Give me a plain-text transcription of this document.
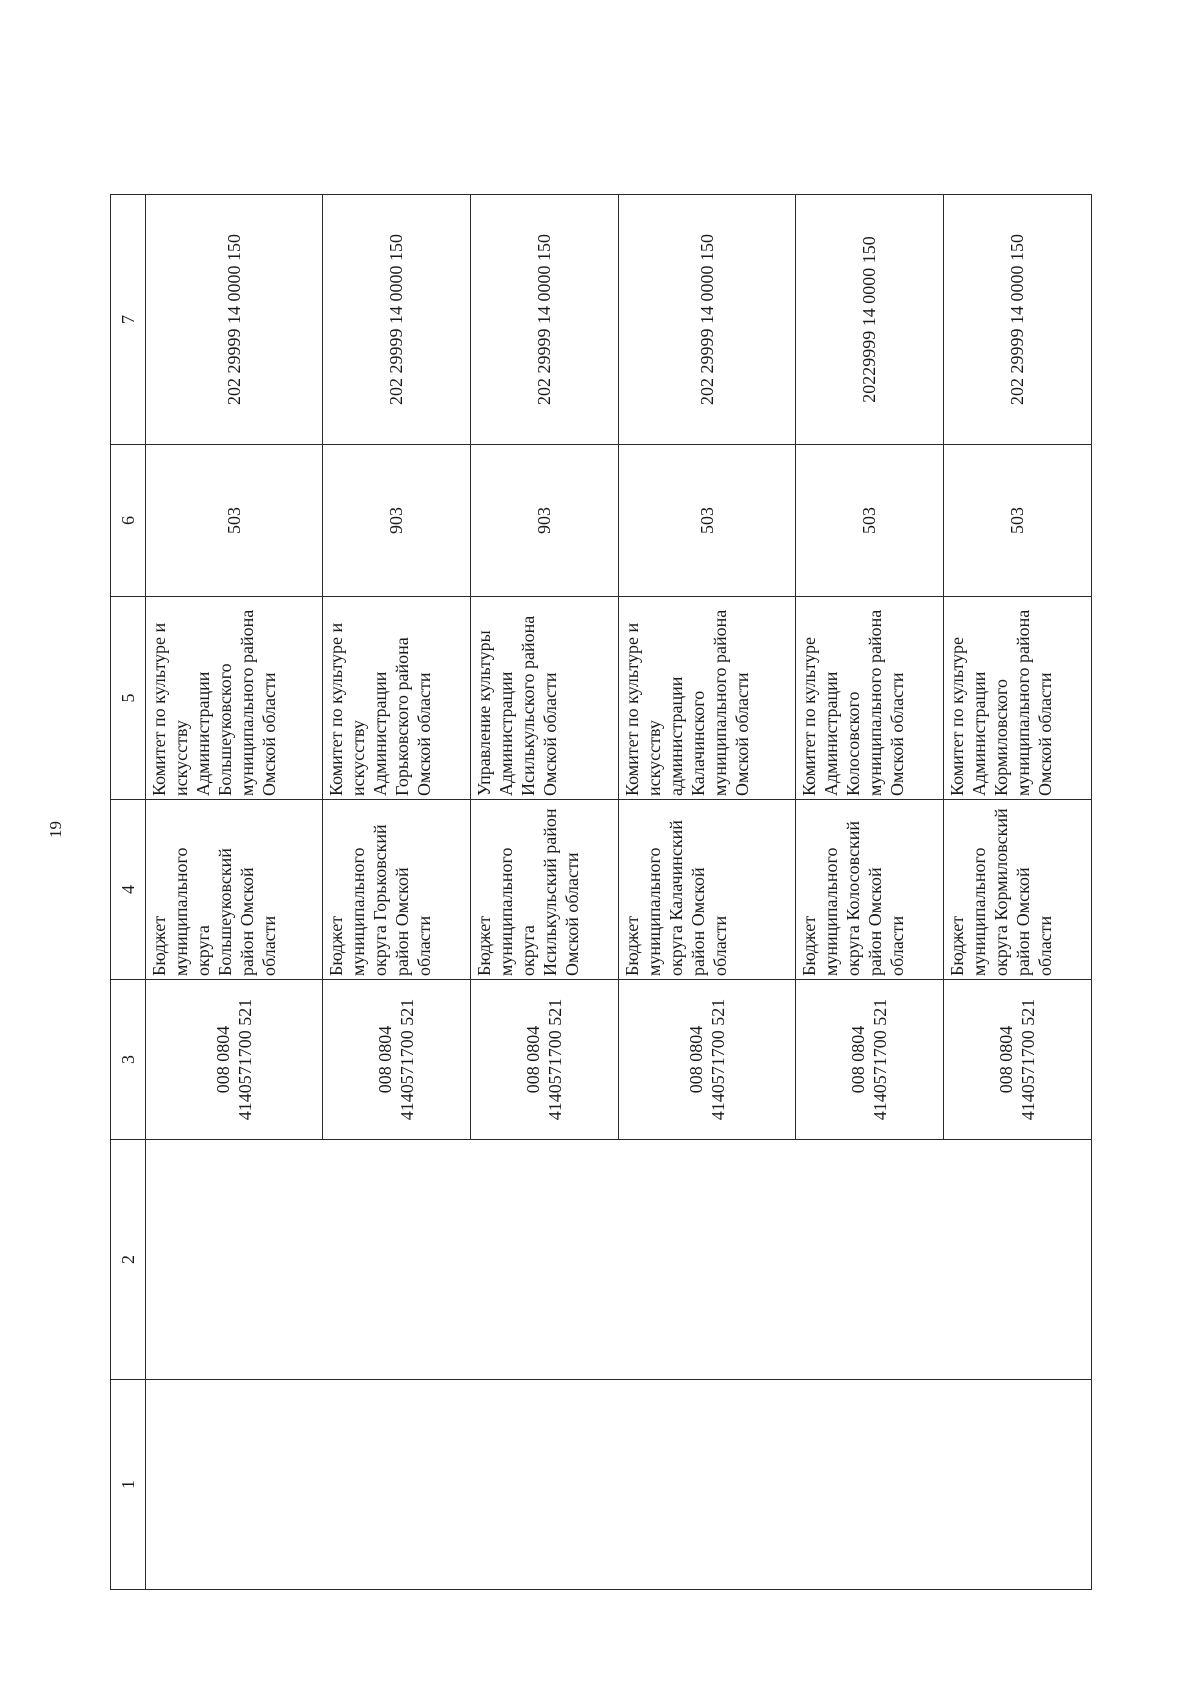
19
1	2	3	4	5	6	7

		008 0804 4140571700 521	Бюджет муниципального округа Большеуковский район Омской области	Комитет по культуре и искусству Администрации Большеуковского муниципального района Омской области	503	202 29999 14 0000 150

		008 0804 4140571700 521	Бюджет муниципального округа Горьковский район Омской области	Комитет по культуре и искусству Администрации Горьковского района Омской области	903	202 29999 14 0000 150

		008 0804 4140571700 521	Бюджет муниципального округа Исилькульский район Омской области	Управление культуры Администрации Исилькульского района Омской области	903	202 29999 14 0000 150

		008 0804 4140571700 521	Бюджет муниципального округа Калачинский район Омской области	Комитет по культуре и искусству администрации Калачинского муниципального района Омской области	503	202 29999 14 0000 150

		008 0804 4140571700 521	Бюджет муниципального округа Колосовский район Омской области	Комитет по культуре Администрации Колосовского муниципального района Омской области	503	20229999 14 0000 150

		008 0804 4140571700 521	Бюджет муниципального округа Кормиловский район Омской области	Комитет по культуре Администрации Кормиловского муниципального района Омской области	503	202 29999 14 0000 150
